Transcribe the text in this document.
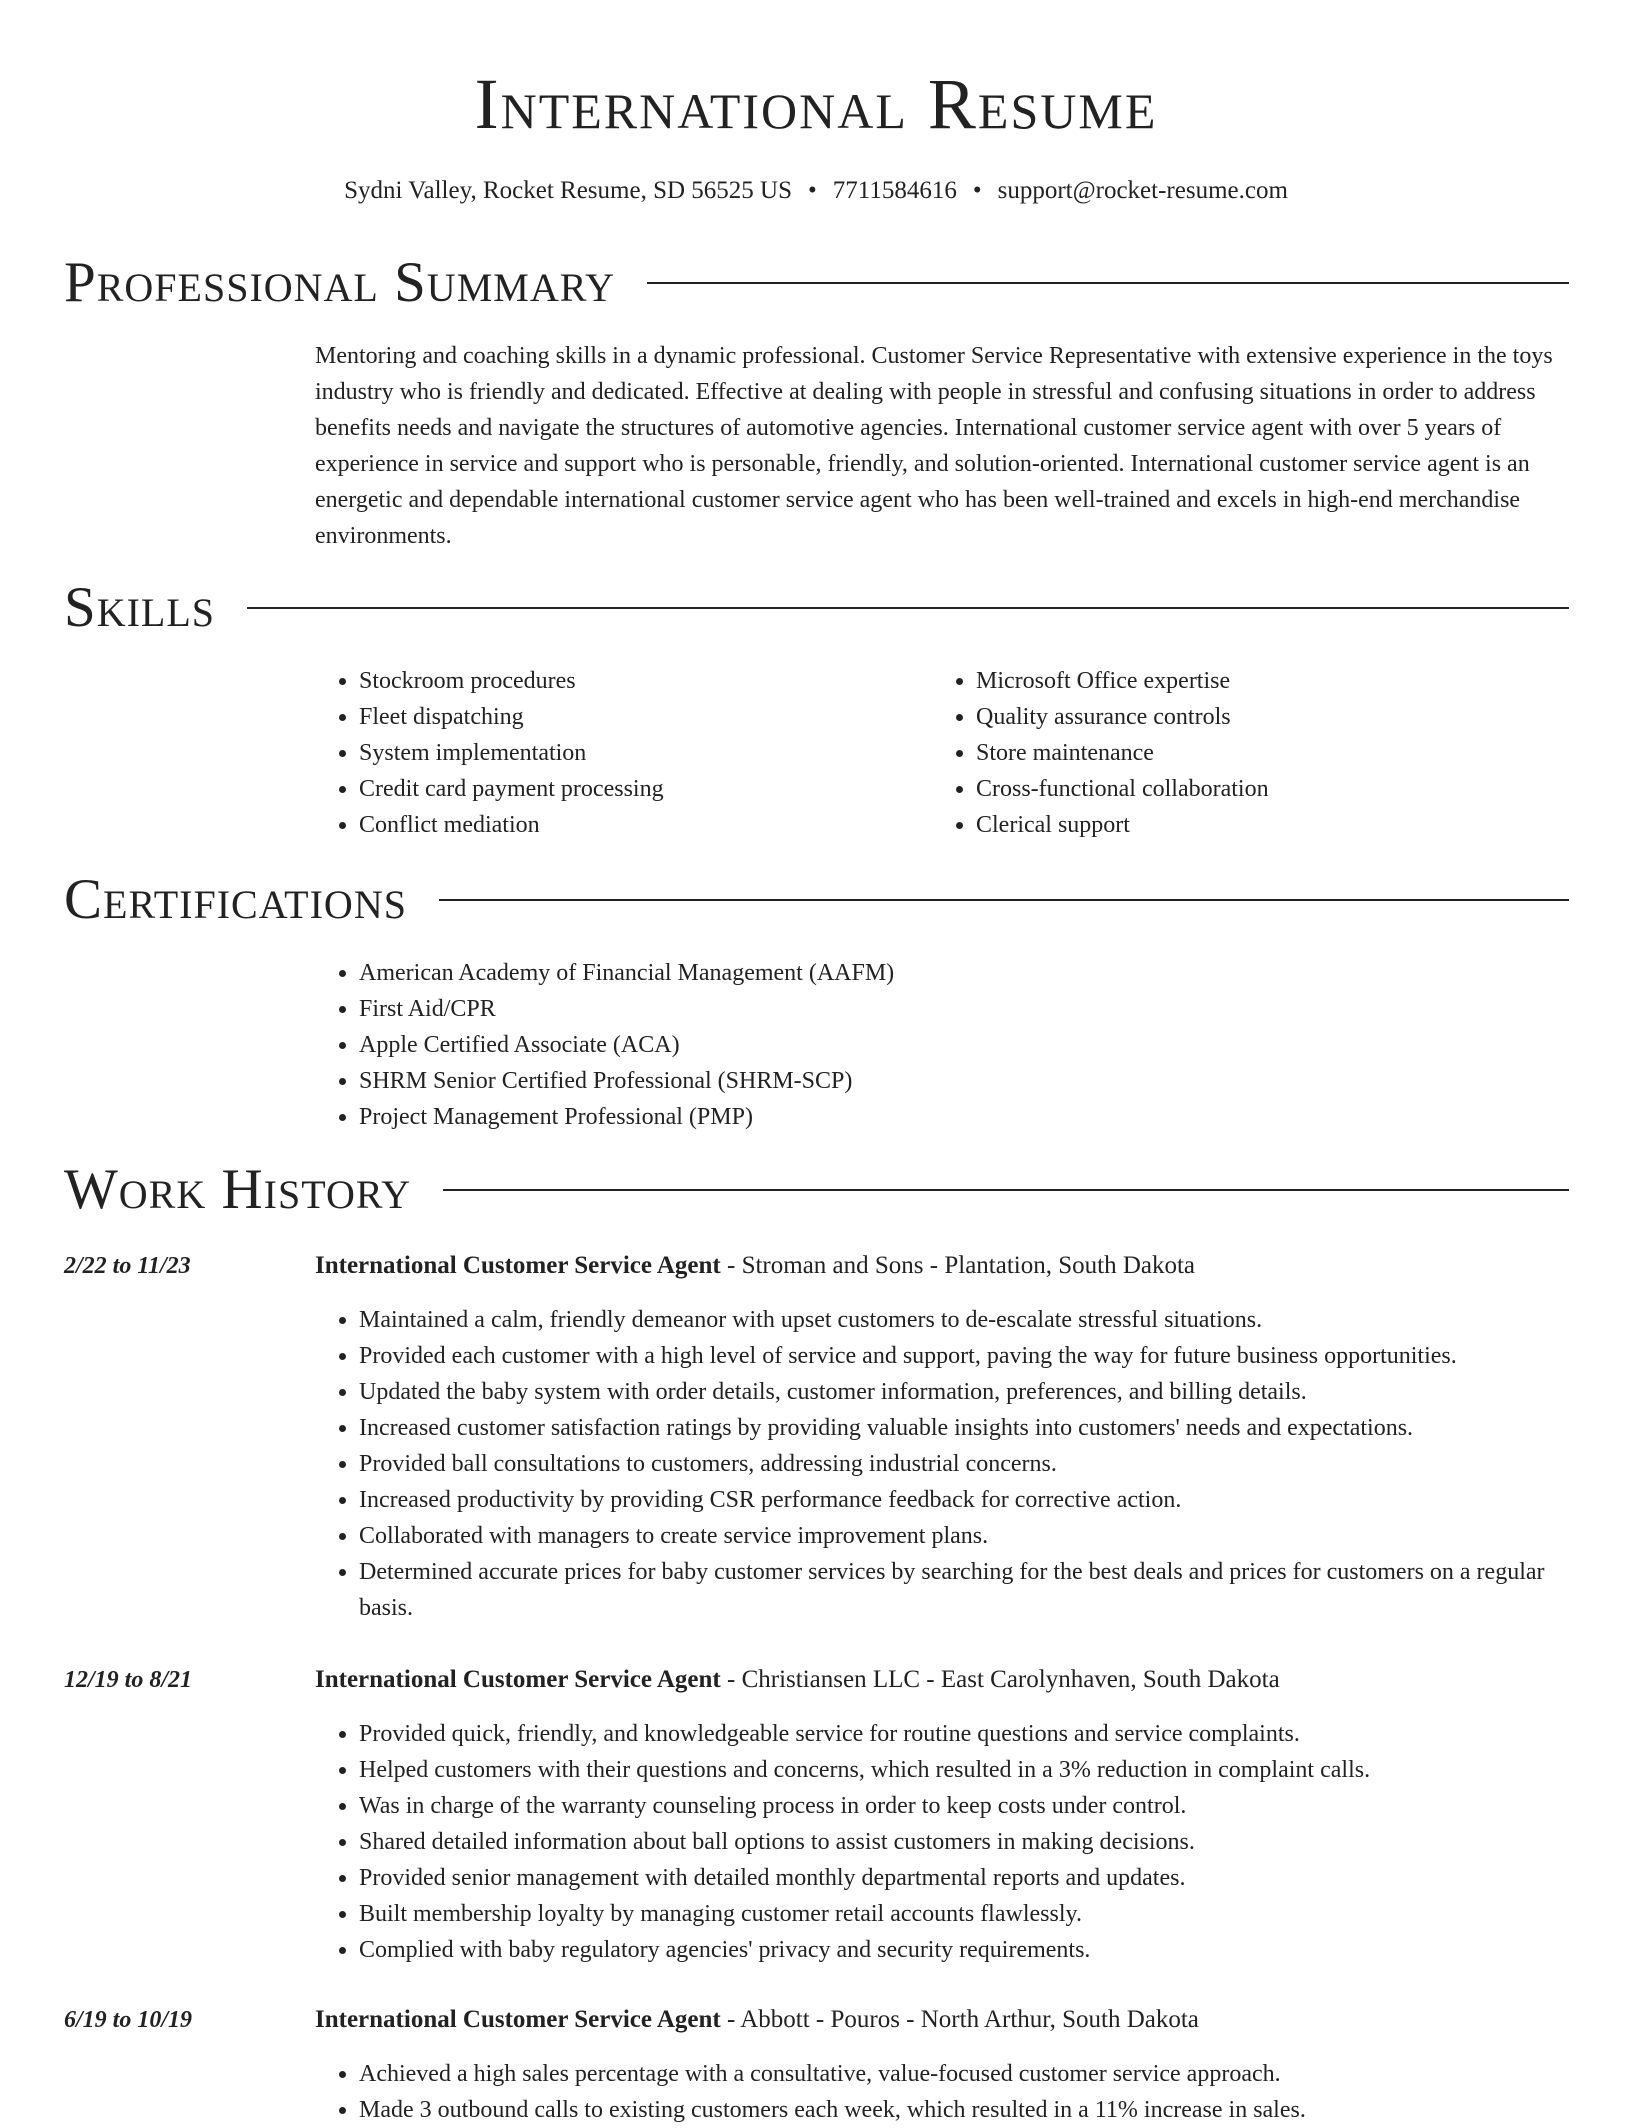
International Resume
Sydni Valley, Rocket Resume, SD 56525 US • 7711584616 • support@rocket-resume.com
Professional Summary

Mentoring and coaching skills in a dynamic professional. Customer Service Representative with extensive experience in the toys industry who is friendly and dedicated. Effective at dealing with people in stressful and confusing situations in order to address benefits needs and navigate the structures of automotive agencies. International customer service agent with over 5 years of experience in service and support who is personable, friendly, and solution-oriented. International customer service agent is an energetic and dependable international customer service agent who has been well-trained and excels in high-end merchandise environments.

Skills
• Stockroom procedures
• Fleet dispatching
• System implementation
• Credit card payment processing
• Conflict mediation
• Microsoft Office expertise
• Quality assurance controls
• Store maintenance
• Cross-functional collaboration
• Clerical support
Certifications
• American Academy of Financial Management (AAFM)
• First Aid/CPR
• Apple Certified Associate (ACA)
• SHRM Senior Certified Professional (SHRM-SCP)
• Project Management Professional (PMP)
Work History
2/22 to 11/23	International Customer Service Agent - Stroman and Sons - Plantation, South Dakota
• Maintained a calm, friendly demeanor with upset customers to de-escalate stressful situations.
• Provided each customer with a high level of service and support, paving the way for future business opportunities.
• Updated the baby system with order details, customer information, preferences, and billing details.
• Increased customer satisfaction ratings by providing valuable insights into customers' needs and expectations.
• Provided ball consultations to customers, addressing industrial concerns.
• Increased productivity by providing CSR performance feedback for corrective action.
• Collaborated with managers to create service improvement plans.
• Determined accurate prices for baby customer services by searching for the best deals and prices for customers on a regular basis.
12/19 to 8/21	International Customer Service Agent - Christiansen LLC - East Carolynhaven, South Dakota
• Provided quick, friendly, and knowledgeable service for routine questions and service complaints.
• Helped customers with their questions and concerns, which resulted in a 3% reduction in complaint calls.
• Was in charge of the warranty counseling process in order to keep costs under control.
• Shared detailed information about ball options to assist customers in making decisions.
• Provided senior management with detailed monthly departmental reports and updates.
• Built membership loyalty by managing customer retail accounts flawlessly.
• Complied with baby regulatory agencies' privacy and security requirements.
6/19 to 10/19	International Customer Service Agent - Abbott - Pouros - North Arthur, South Dakota
• Achieved a high sales percentage with a consultative, value-focused customer service approach.
• Made 3 outbound calls to existing customers each week, which resulted in a 11% increase in sales.
